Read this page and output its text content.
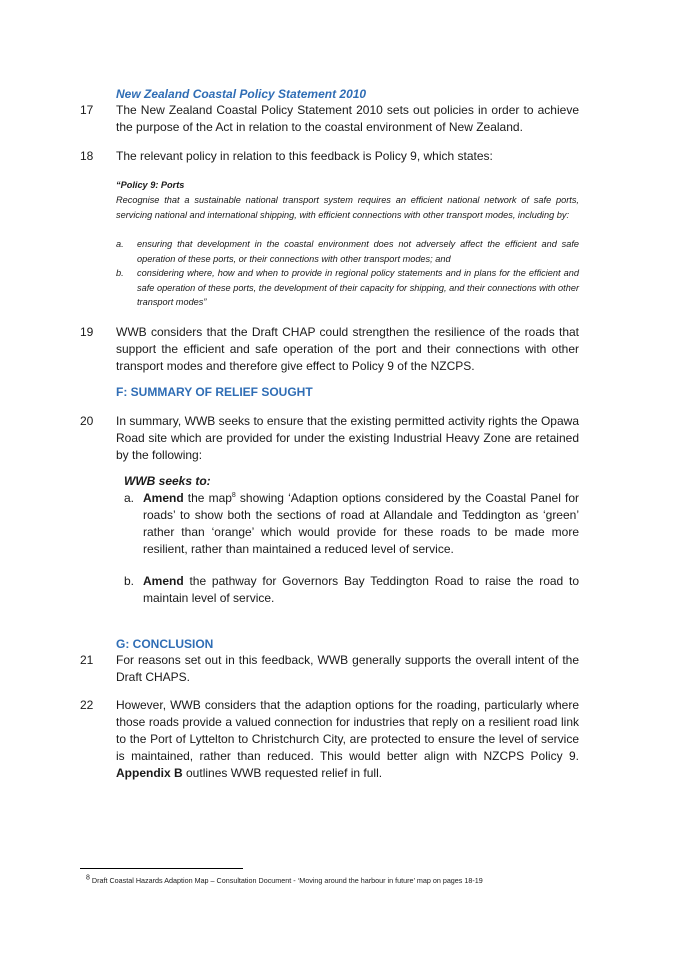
New Zealand Coastal Policy Statement 2010
17 The New Zealand Coastal Policy Statement 2010 sets out policies in order to achieve the purpose of the Act in relation to the coastal environment of New Zealand.
18 The relevant policy in relation to this feedback is Policy 9, which states:
“Policy 9: Ports
Recognise that a sustainable national transport system requires an efficient national network of safe ports, servicing national and international shipping, with efficient connections with other transport modes, including by:
a. ensuring that development in the coastal environment does not adversely affect the efficient and safe operation of these ports, or their connections with other transport modes; and
b. considering where, how and when to provide in regional policy statements and in plans for the efficient and safe operation of these ports, the development of their capacity for shipping, and their connections with other transport modes”
19 WWB considers that the Draft CHAP could strengthen the resilience of the roads that support the efficient and safe operation of the port and their connections with other transport modes and therefore give effect to Policy 9 of the NZCPS.
F: SUMMARY OF RELIEF SOUGHT
20 In summary, WWB seeks to ensure that the existing permitted activity rights the Opawa Road site which are provided for under the existing Industrial Heavy Zone are retained by the following:
WWB seeks to:
a. Amend the map$^8$ showing ‘Adaption options considered by the Coastal Panel for roads’ to show both the sections of road at Allandale and Teddington as ‘green’ rather than ‘orange’ which would provide for these roads to be made more resilient, rather than maintained a reduced level of service.
b. Amend the pathway for Governors Bay Teddington Road to raise the road to maintain level of service.
G: CONCLUSION
21 For reasons set out in this feedback, WWB generally supports the overall intent of the Draft CHAPS.
22 However, WWB considers that the adaption options for the roading, particularly where those roads provide a valued connection for industries that reply on a resilient road link to the Port of Lyttelton to Christchurch City, are protected to ensure the level of service is maintained, rather than reduced. This would better align with NZCPS Policy 9. Appendix B outlines WWB requested relief in full.
$^8$ Draft Coastal Hazards Adaption Map – Consultation Document - ‘Moving around the harbour in future’ map on pages 18-19
